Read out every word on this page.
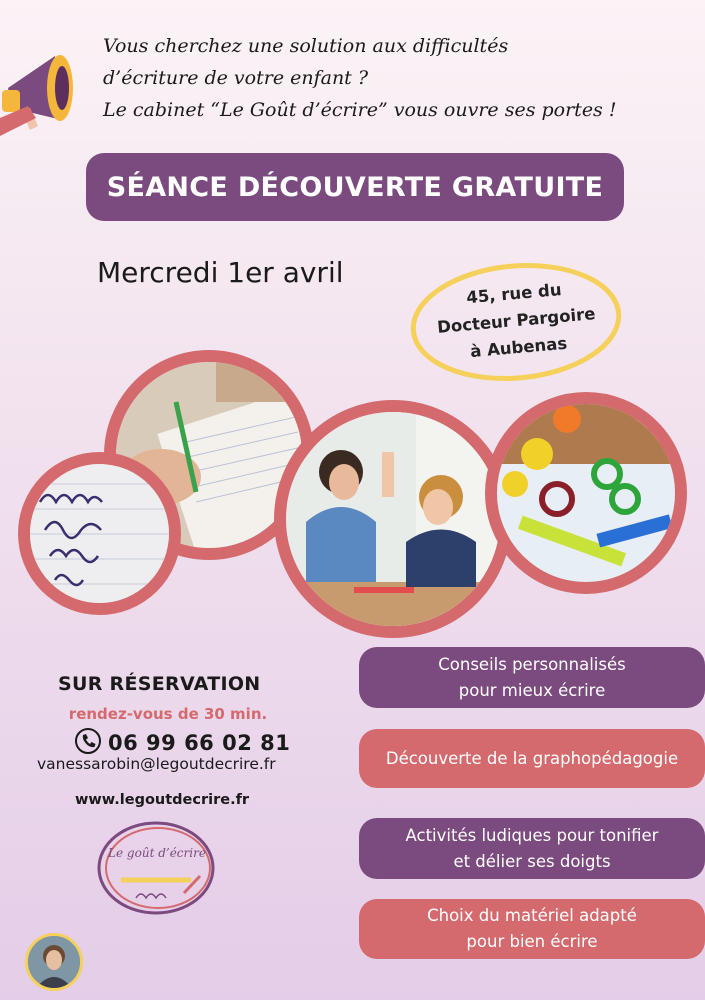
Vous cherchez une solution aux difficultés
d’écriture de votre enfant ?
Le cabinet “Le Goût d’écrire” vous ouvre ses portes !
SÉANCE DÉCOUVERTE GRATUITE
Mercredi 1er avril
45, rue du
Docteur Pargoire
à Aubenas
SUR RÉSERVATION
rendez-vous de 30 min.
06 99 66 02 81
vanessarobin@legoutdecrire.fr
www.legoutdecrire.fr
Le goût d’écrire
Conseils personnalisés
pour mieux écrire
Découverte de la graphopédagogie
Activités ludiques pour tonifier
et délier ses doigts
Choix du matériel adapté
pour bien écrire
